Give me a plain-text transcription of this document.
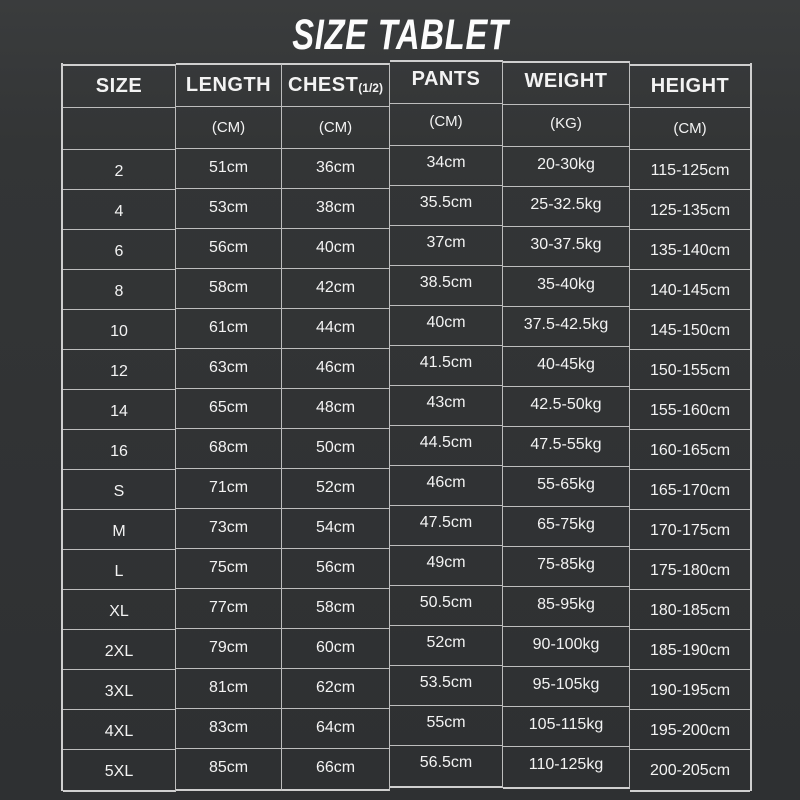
SIZE TABLET
SIZE
2
4
6
8
10
12
14
16
S
M
L
XL
2XL
3XL
4XL
5XL
LENGTH
(CM)
51cm
53cm
56cm
58cm
61cm
63cm
65cm
68cm
71cm
73cm
75cm
77cm
79cm
81cm
83cm
85cm
CHEST(1/2)
(CM)
36cm
38cm
40cm
42cm
44cm
46cm
48cm
50cm
52cm
54cm
56cm
58cm
60cm
62cm
64cm
66cm
PANTS
(CM)
34cm
35.5cm
37cm
38.5cm
40cm
41.5cm
43cm
44.5cm
46cm
47.5cm
49cm
50.5cm
52cm
53.5cm
55cm
56.5cm
WEIGHT
(KG)
20-30kg
25-32.5kg
30-37.5kg
35-40kg
37.5-42.5kg
40-45kg
42.5-50kg
47.5-55kg
55-65kg
65-75kg
75-85kg
85-95kg
90-100kg
95-105kg
105-115kg
110-125kg
HEIGHT
(CM)
115-125cm
125-135cm
135-140cm
140-145cm
145-150cm
150-155cm
155-160cm
160-165cm
165-170cm
170-175cm
175-180cm
180-185cm
185-190cm
190-195cm
195-200cm
200-205cm
